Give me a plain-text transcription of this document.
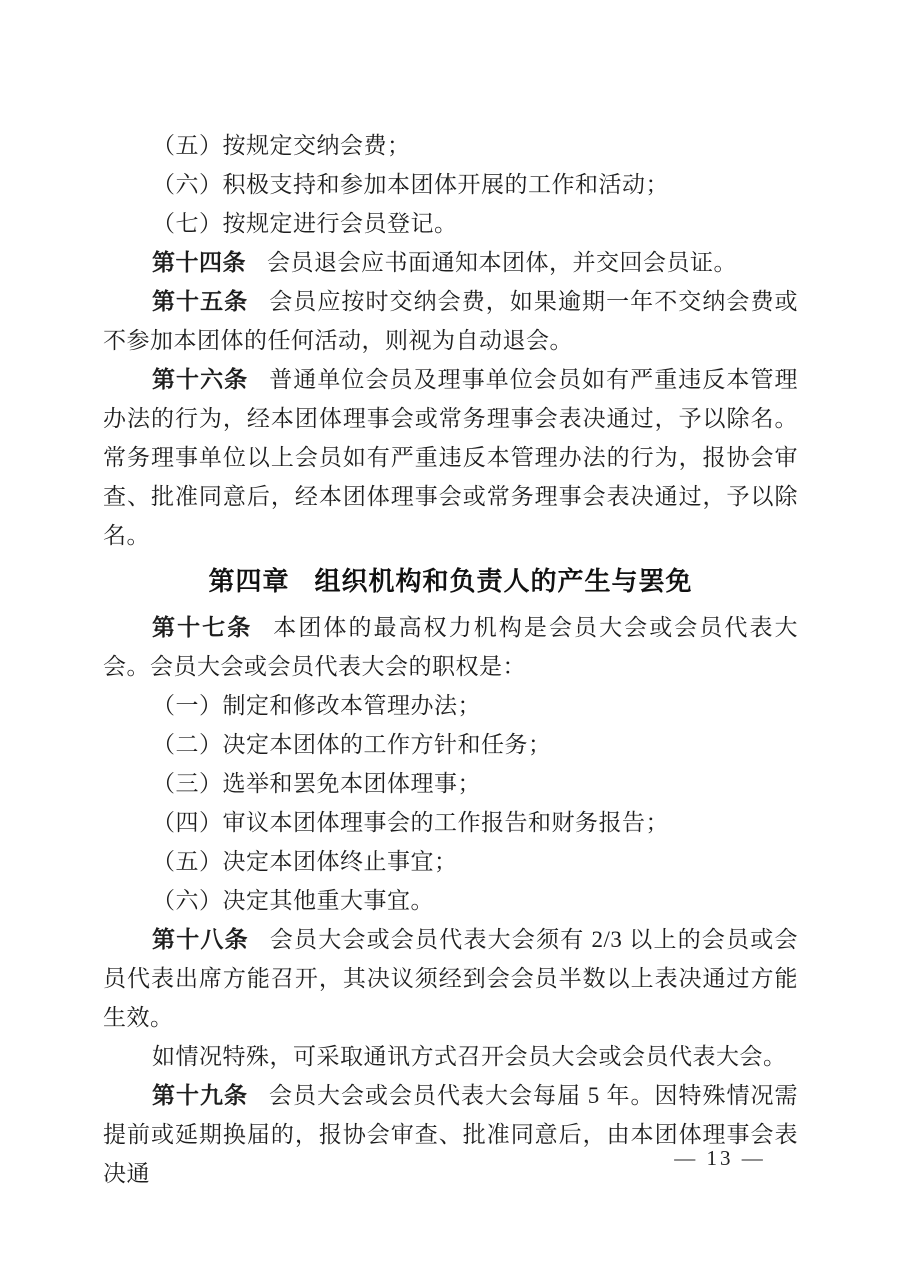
（五）按规定交纳会费；

（六）积极支持和参加本团体开展的工作和活动；

（七）按规定进行会员登记。

第十四条 会员退会应书面通知本团体，并交回会员证。

第十五条 会员应按时交纳会费，如果逾期一年不交纳会费或不参加本团体的任何活动，则视为自动退会。

第十六条 普通单位会员及理事单位会员如有严重违反本管理办法的行为，经本团体理事会或常务理事会表决通过，予以除名。常务理事单位以上会员如有严重违反本管理办法的行为，报协会审查、批准同意后，经本团体理事会或常务理事会表决通过，予以除名。

第四章 组织机构和负责人的产生与罢免

第十七条 本团体的最高权力机构是会员大会或会员代表大会。会员大会或会员代表大会的职权是：

（一）制定和修改本管理办法；

（二）决定本团体的工作方针和任务；

（三）选举和罢免本团体理事；

（四）审议本团体理事会的工作报告和财务报告；

（五）决定本团体终止事宜；

（六）决定其他重大事宜。

第十八条 会员大会或会员代表大会须有 2/3 以上的会员或会员代表出席方能召开，其决议须经到会会员半数以上表决通过方能生效。

如情况特殊，可采取通讯方式召开会员大会或会员代表大会。

第十九条 会员大会或会员代表大会每届 5 年。因特殊情况需提前或延期换届的，报协会审查、批准同意后，由本团体理事会表决通

— 13 —
